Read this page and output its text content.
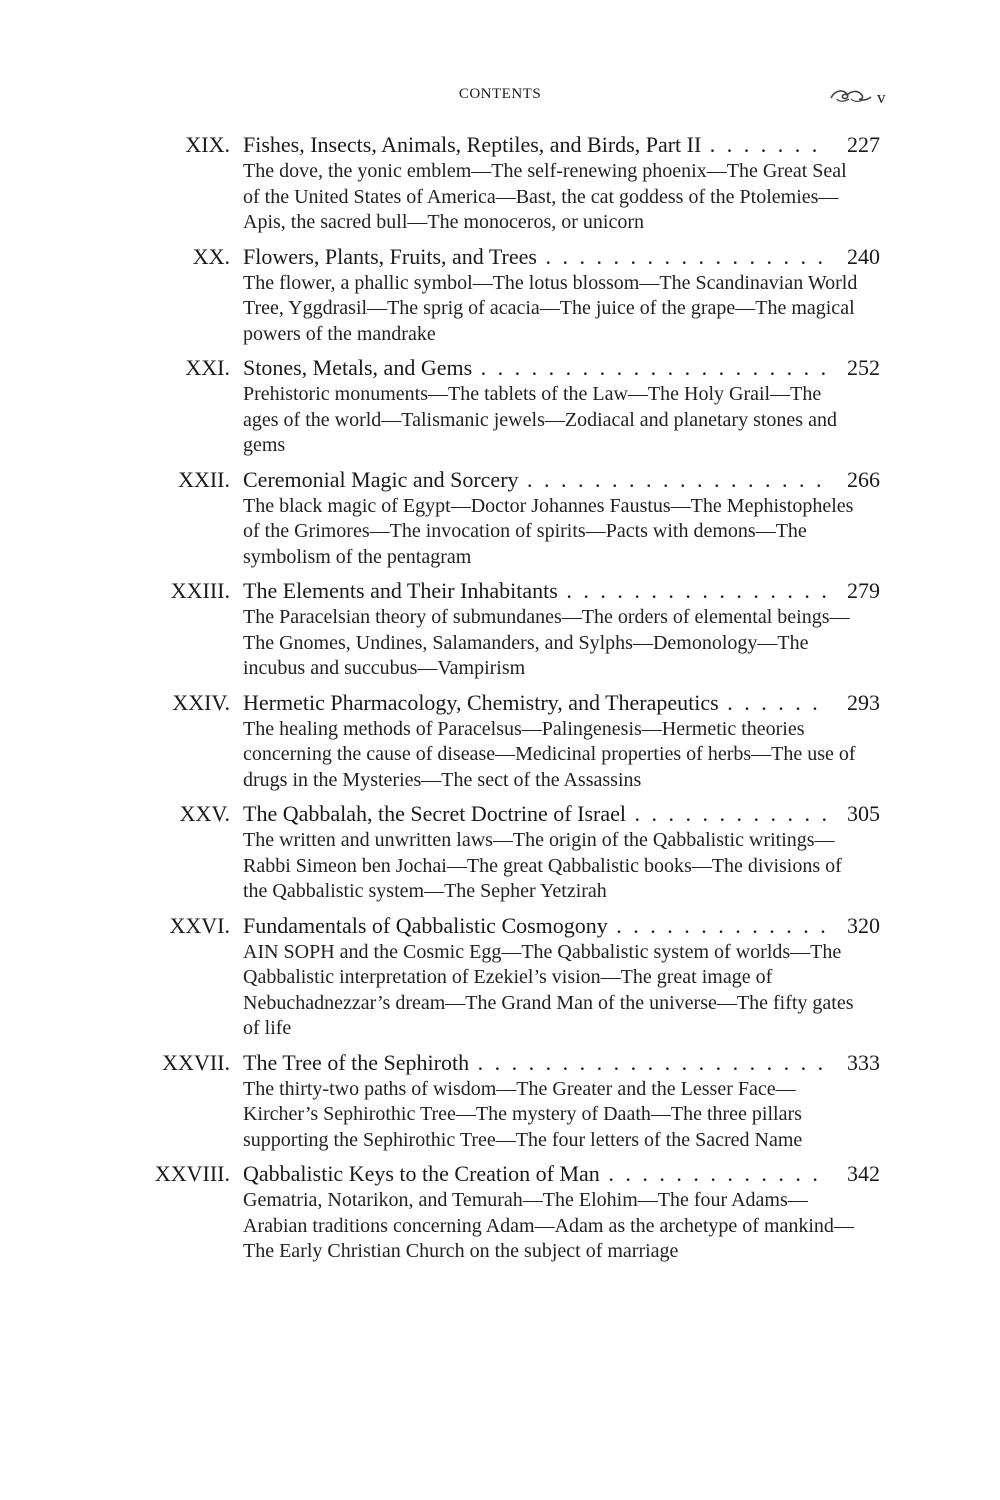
CONTENTS	v
XIX. Fishes, Insects, Animals, Reptiles, and Birds, Part II . . .	227
The dove, the yonic emblem—The self-renewing phoenix—The Great Seal of the United States of America—Bast, the cat goddess of the Ptolemies—Apis, the sacred bull—The monoceros, or unicorn
XX. Flowers, Plants, Fruits, and Trees . . .	240
The flower, a phallic symbol—The lotus blossom—The Scandinavian World Tree, Yggdrasil—The sprig of acacia—The juice of the grape—The magical powers of the mandrake
XXI. Stones, Metals, and Gems . . .	252
Prehistoric monuments—The tablets of the Law—The Holy Grail—The ages of the world—Talismanic jewels—Zodiacal and planetary stones and gems
XXII. Ceremonial Magic and Sorcery . . .	266
The black magic of Egypt—Doctor Johannes Faustus—The Mephistopheles of the Grimores—The invocation of spirits—Pacts with demons—The symbolism of the pentagram
XXIII. The Elements and Their Inhabitants . . .	279
The Paracelsian theory of submundanes—The orders of elemental beings—The Gnomes, Undines, Salamanders, and Sylphs—Demonology—The incubus and succubus—Vampirism
XXIV. Hermetic Pharmacology, Chemistry, and Therapeutics . . .	293
The healing methods of Paracelsus—Palingenesis—Hermetic theories concerning the cause of disease—Medicinal properties of herbs—The use of drugs in the Mysteries—The sect of the Assassins
XXV. The Qabbalah, the Secret Doctrine of Israel . . .	305
The written and unwritten laws—The origin of the Qabbalistic writings—Rabbi Simeon ben Jochai—The great Qabbalistic books—The divisions of the Qabbalistic system—The Sepher Yetzirah
XXVI. Fundamentals of Qabbalistic Cosmogony . . .	320
AIN SOPH and the Cosmic Egg—The Qabbalistic system of worlds—The Qabbalistic interpretation of Ezekiel’s vision—The great image of Nebuchadnezzar’s dream—The Grand Man of the universe—The fifty gates of life
XXVII. The Tree of the Sephiroth . . .	333
The thirty-two paths of wisdom—The Greater and the Lesser Face—Kircher’s Sephirothic Tree—The mystery of Daath—The three pillars supporting the Sephirothic Tree—The four letters of the Sacred Name
XXVIII. Qabbalistic Keys to the Creation of Man . . .	342
Gematria, Notarikon, and Temurah—The Elohim—The four Adams—Arabian traditions concerning Adam—Adam as the archetype of mankind—The Early Christian Church on the subject of marriage
